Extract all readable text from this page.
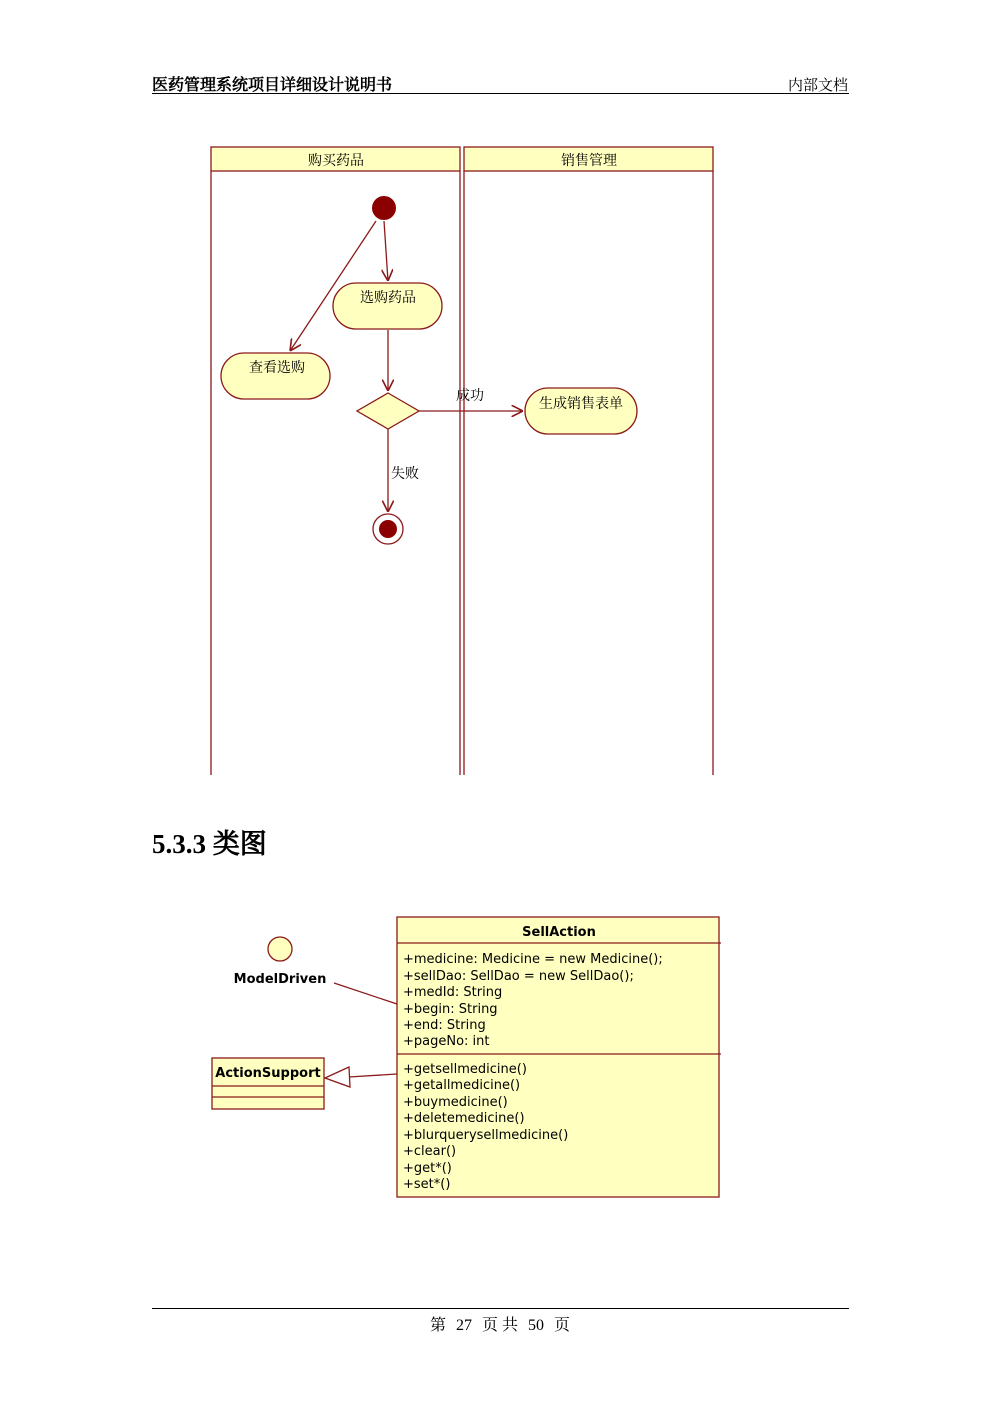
医药管理系统项目详细设计说明书	内部文档
购买药品	销售管理
选购药品
查看选购
生成销售表单
成功
失败
5.3.3 类图
ModelDriven
ActionSupport
SellAction
+medicine: Medicine = new Medicine();
+sellDao: SellDao = new SellDao();
+medId: String
+begin: String
+end: String
+pageNo: int
+getsellmedicine()
+getallmedicine()
+buymedicine()
+deletemedicine()
+blurquerysellmedicine()
+clear()
+get*()
+set*()
第 27 页 共 50 页
